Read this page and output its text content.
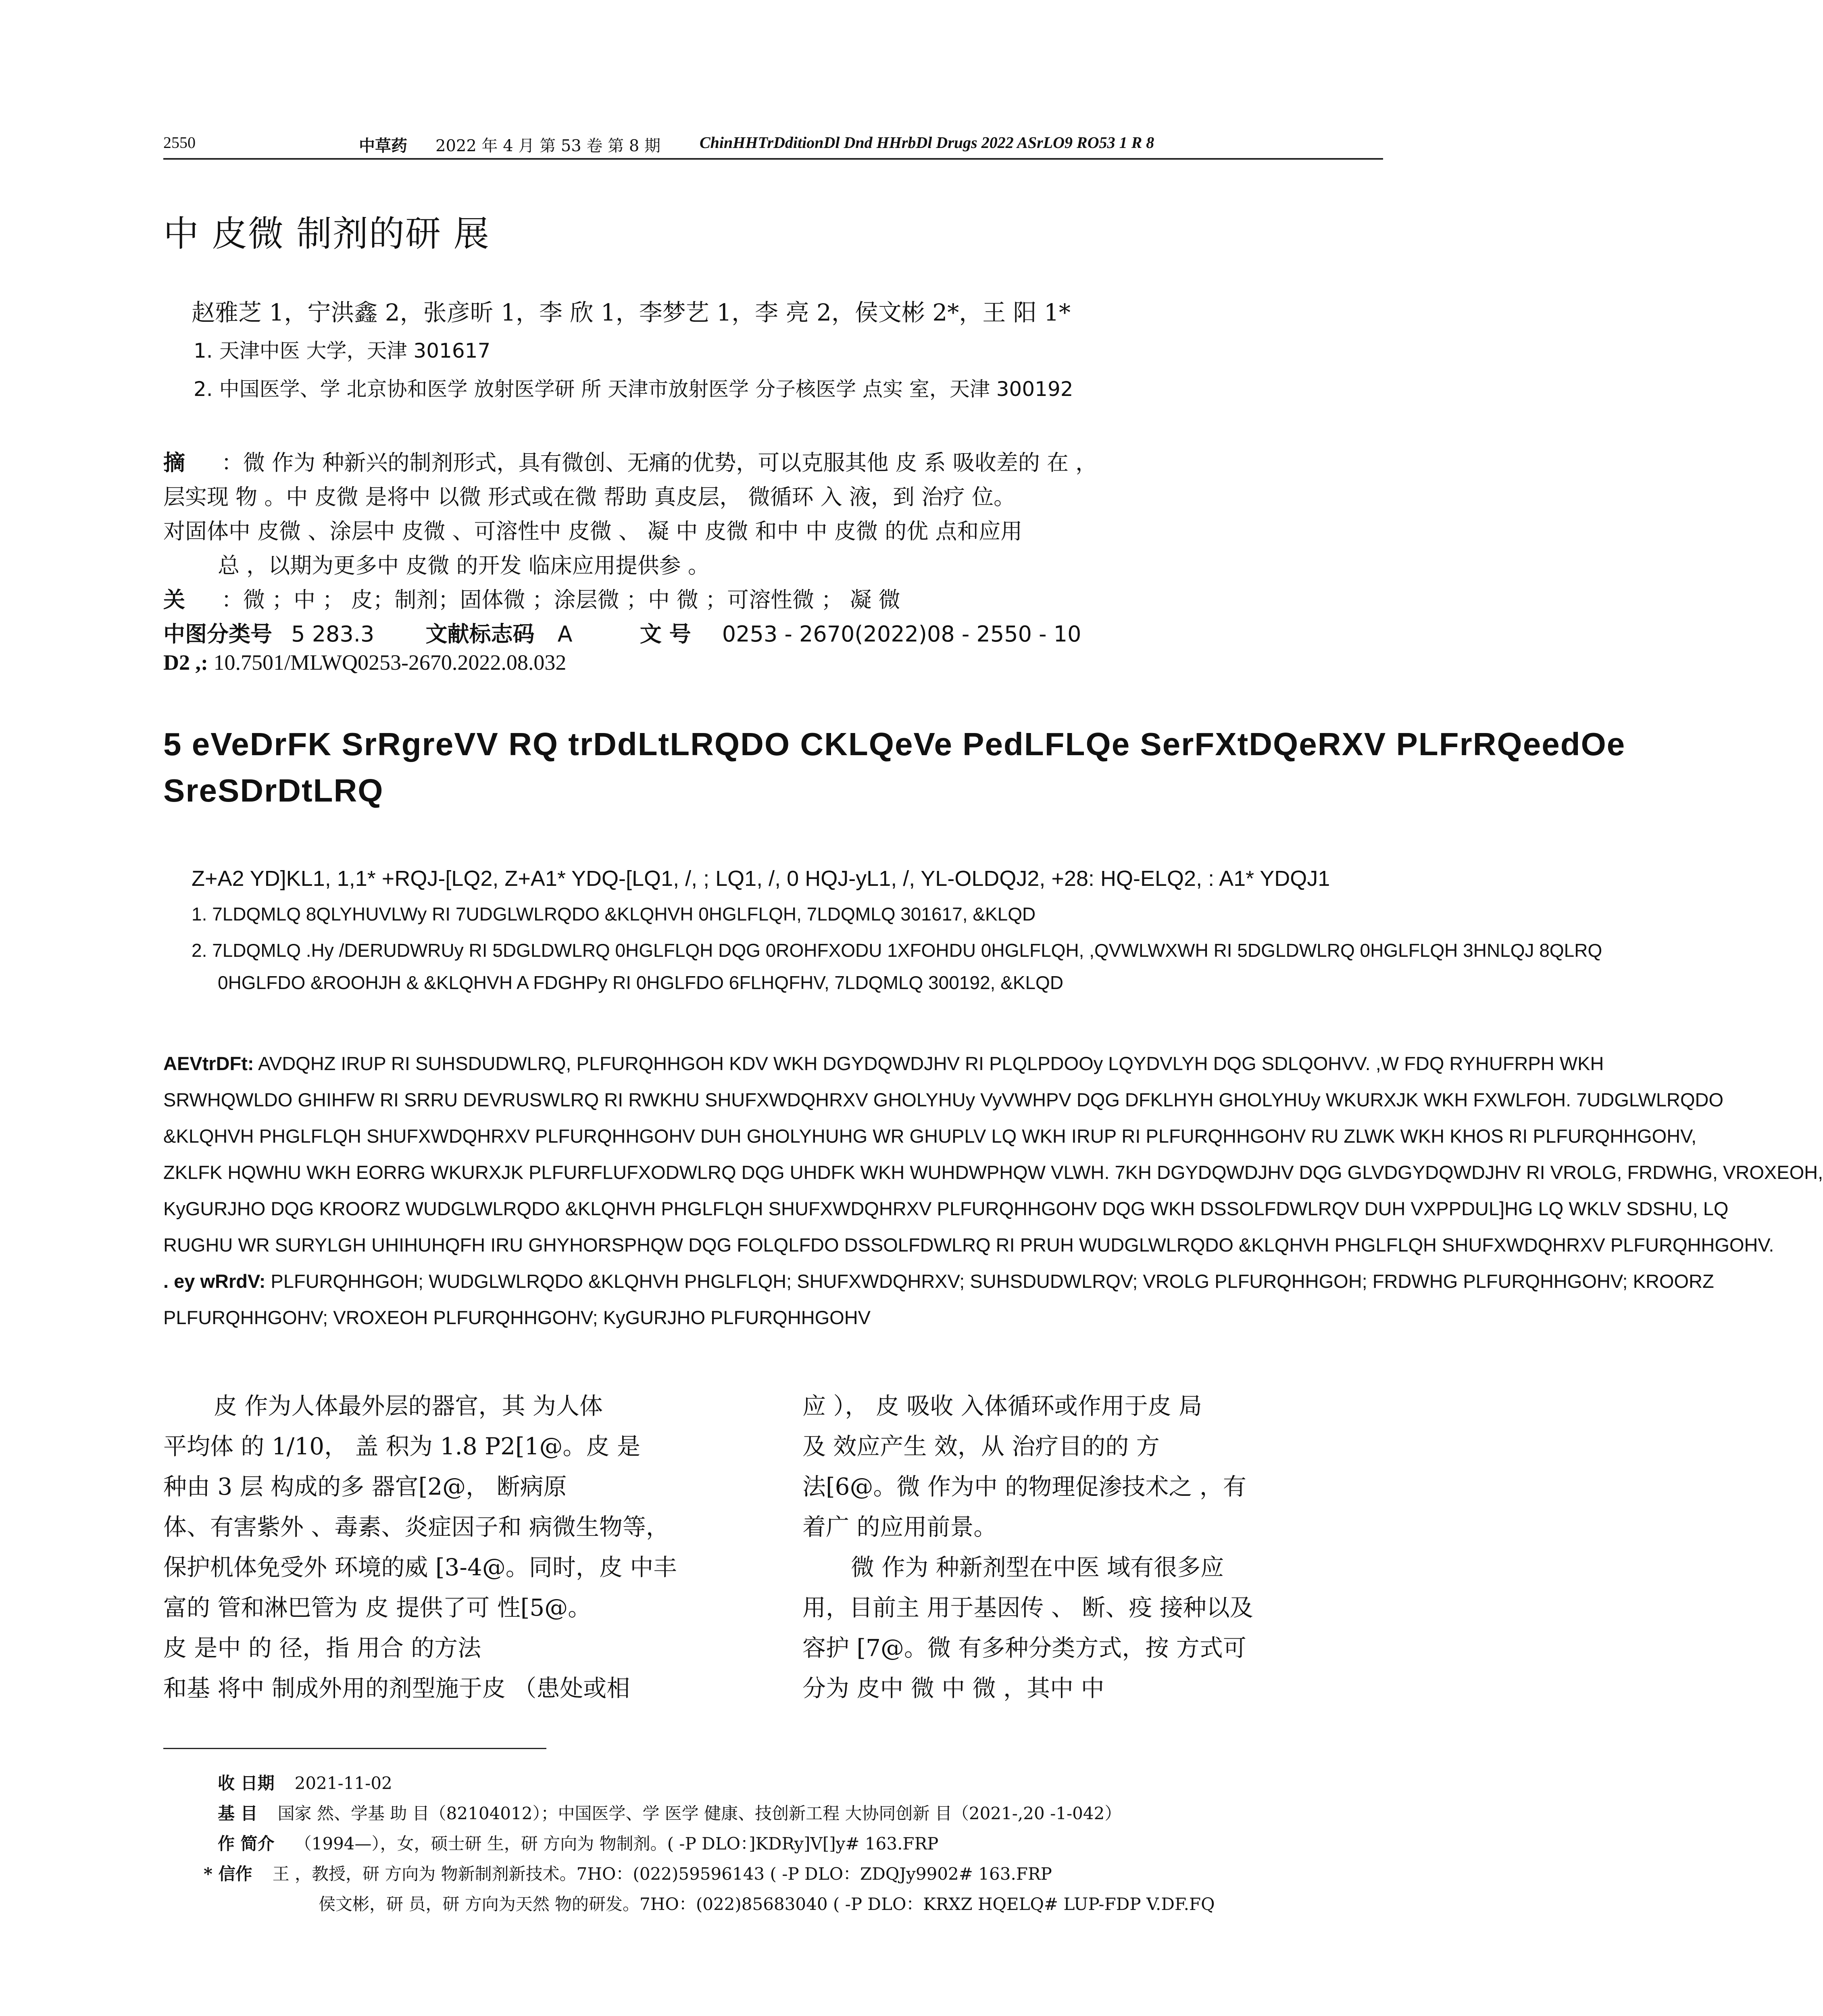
2550	中草药 2022 年 4 月 第 53 卷 第 8 期 ChinHHTrDditionDl Dnd HHrbDl Drugs 2022 ASrLO9 RO53 1 R 8
中 皮微 制剂的研 展
赵雅芝 1，宁洪鑫 2，张彦昕 1，李 欣 1，李梦艺 1，李 亮 2，侯文彬 2*，王 阳 1*
1. 天津中医 大学，天津 301617
2. 中国医学、学 北京协和医学 放射医学研 所 天津市放射医学 分子核医学 点实 室，天津 300192
摘 ：微 作为 种新兴的制剂形式，具有微创、无痛的优势，可以克服其他 皮 系 吸收差的 在 ，
层实现 物 。中 皮微 是将中 以微 形式或在微 帮助 真皮层， 微循环 入 液，到 治疗 位。
对固体中 皮微 、涂层中 皮微 、可溶性中 皮微 、 凝 中 皮微 和中 中 皮微 的优 点和应用
总 ，以期为更多中 皮微 的开发 临床应用提供参 。
关 ：微 ；中 ； 皮；制剂；固体微 ；涂层微 ；中 微 ；可溶性微 ； 凝 微
中图分类号 5 283.3 文献标志码 A	文 号 0253 - 2670(2022)08 - 2550 - 10
D2 ,: 10.7501/MLWQ0253-2670.2022.08.032
5 eVeDrFK SrRgreVV RQ trDdLtLRQDO CKLQeVe PedLFLQe SerFXtDQeRXV PLFrRQeedOe
SreSDrDtLRQ
Z+A2 YD]KL1, 1,1* +RQJ-[LQ2, Z+A1* YDQ-[LQ1, /, ; LQ1, /, 0 HQJ-yL1, /, YL-OLDQJ2, +28: HQ-ELQ2, : A1* YDQJ1
1. 7LDQMLQ 8QLYHUVLWy RI 7UDGLWLRQDO &KLQHVH 0HGLFLQH, 7LDQMLQ 301617, &KLQD
2. 7LDQMLQ .Hy /DERUDWRUy RI 5DGLDWLRQ 0HGLFLQH DQG 0ROHFXODU 1XFOHDU 0HGLFLQH, ,QVWLWXWH RI 5DGLDWLRQ 0HGLFLQH 3HNLQJ 8QLRQ
0HGLFDO &ROOHJH & &KLQHVH A FDGHPy RI 0HGLFDO 6FLHQFHV, 7LDQMLQ 300192, &KLQD
AEVtrDFt: AVDQHZ IRUP RI SUHSDUDWLRQ, PLFURQHHGOH KDV WKH DGYDQWDJHV RI PLQLPDOOy LQYDVLYH DQG SDLQOHVV. ,W FDQ RYHUFRPH WKH
SRWHQWLDO GHIHFW RI SRRU DEVRUSWLRQ RI RWKHU SHUFXWDQHRXV GHOLYHUy VyVWHPV DQG DFKLHYH GHOLYHUy WKURXJK WKH FXWLFOH. 7UDGLWLRQDO
&KLQHVH PHGLFLQH SHUFXWDQHRXV PLFURQHHGOHV DUH GHOLYHUHG WR GHUPLV LQ WKH IRUP RI PLFURQHHGOHV RU ZLWK WKH KHOS RI PLFURQHHGOHV,
ZKLFK HQWHU WKH EORRG WKURXJK PLFURFLUFXODWLRQ DQG UHDFK WKH WUHDWPHQW VLWH. 7KH DGYDQWDJHV DQG GLVDGYDQWDJHV RI VROLG, FRDWHG, VROXEOH,
KyGURJHO DQG KROORZ WUDGLWLRQDO &KLQHVH PHGLFLQH SHUFXWDQHRXV PLFURQHHGOHV DQG WKH DSSOLFDWLRQV DUH VXPPDUL]HG LQ WKLV SDSHU, LQ
RUGHU WR SURYLGH UHIHUHQFH IRU GHYHORSPHQW DQG FOLQLFDO DSSOLFDWLRQ RI PRUH WUDGLWLRQDO &KLQHVH PHGLFLQH SHUFXWDQHRXV PLFURQHHGOHV.
. ey wRrdV: PLFURQHHGOH; WUDGLWLRQDO &KLQHVH PHGLFLQH; SHUFXWDQHRXV; SUHSDUDWLRQV; VROLG PLFURQHHGOH; FRDWHG PLFURQHHGOHV; KROORZ
PLFURQHHGOHV; VROXEOH PLFURQHHGOHV; KyGURJHO PLFURQHHGOHV
皮 作为人体最外层的器官，其 为人体
平均体 的 1/10， 盖 积为 1.8 P2[1@。皮 是
种由 3 层 构成的多 器官[2@， 断病原
体、有害紫外 、毒素、炎症因子和 病微生物等，
保护机体免受外 环境的威 [3-4@。同时，皮 中丰
富的 管和淋巴管为 皮 提供了可 性[5@。
皮 是中 的 径，指 用合 的方法
和基 将中 制成外用的剂型施于皮 （患处或相
应 ）， 皮 吸收 入体循环或作用于皮 局
及 效应产生 效，从 治疗目的的 方
法[6@。微 作为中 的物理促渗技术之 ，有
着广 的应用前景。
微 作为 种新剂型在中医 域有很多应
用，目前主 用于基因传 、 断、疫 接种以及
容护 [7@。微 有多种分类方式，按 方式可
分为 皮中 微 中 微 ，其中 中
收 日期 2021-11-02
基 目 国家 然、学基 助 目（82104012）；中国医学、学 医学 健康、技创新工程 大协同创新 目（2021-,20 -1-042）
作 简介 （1994—），女，硕士研 生，研 方向为 物制剂。( -P DLO：]KDRy]V[]y# 163.FRP
* 信作 王 ，教授，研 方向为 物新制剂新技术。7HO：(022)59596143 ( -P DLO：ZDQJy9902# 163.FRP
侯文彬，研 员，研 方向为天然 物的研发。7HO：(022)85683040 ( -P DLO：KRXZ HQELQ# LUP-FDP V.DF.FQ
